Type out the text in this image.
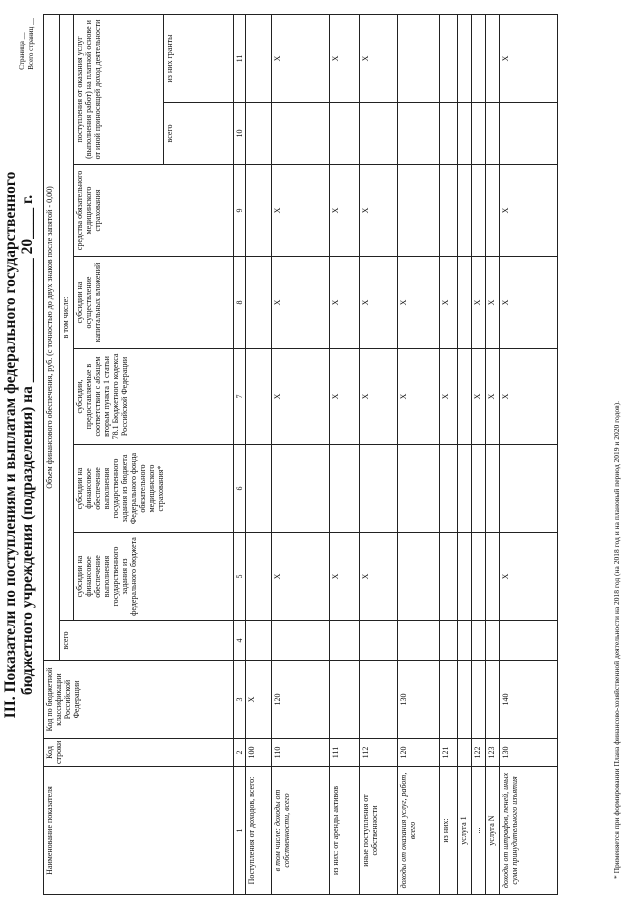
III. Показатели по поступлениям и выплатам федерального государственного бюджетного учреждения (подразделения) на ________________ 20____ г.
Страница __ Всего страниц __
Наименование показателя	Код строки	Код по бюджетной классификации Российской Федерации	Объем финансового обеспечения, руб. (с точностью до двух знаков после запятой - 0,00)							
			всего	в том числе:						
				субсидии на финансовое обеспечение выполнения государственного задания из федерального бюджета	субсидии на финансовое обеспечение выполнения государственного задания из бюджета Федерального фонда обязательного медицинского страхования*	субсидии, предоставляемые в соответствии с абзацем вторым пункта 1 статьи 78.1 Бюджетного кодекса Российской Федерации	субсидии на осуществление капитальных вложений	средства обязательного медицинского страхования	поступления от оказания услуг (выполнения работ) на платной основе и от иной приносящей доход деятельности	
									всего	из них гранты
1	2	3	4	5	6	7	8	9	10	11
Поступления от доходов, всего:	100	X								
в том числе: доходы от собственности, всего	110	120		X		X	X	X		X
из них: от аренды активов	111			X		X	X	X		X
иные поступления от собственности	112			X		X	X	X		X
доходы от оказания услуг, работ, всего	120	130				X	X			
из них:	121					X	X			
услуга 1										
...	122					X	X			
услуга N	123					X	X			
доходы от штрафов, пеней, иных сумм принудительного изъятия	130	140		X		X	X	X		X
* Применяется при формировании Плана финансово-хозяйственной деятельности на 2018 год (на 2018 год и на плановый период 2019 и 2020 годов).
